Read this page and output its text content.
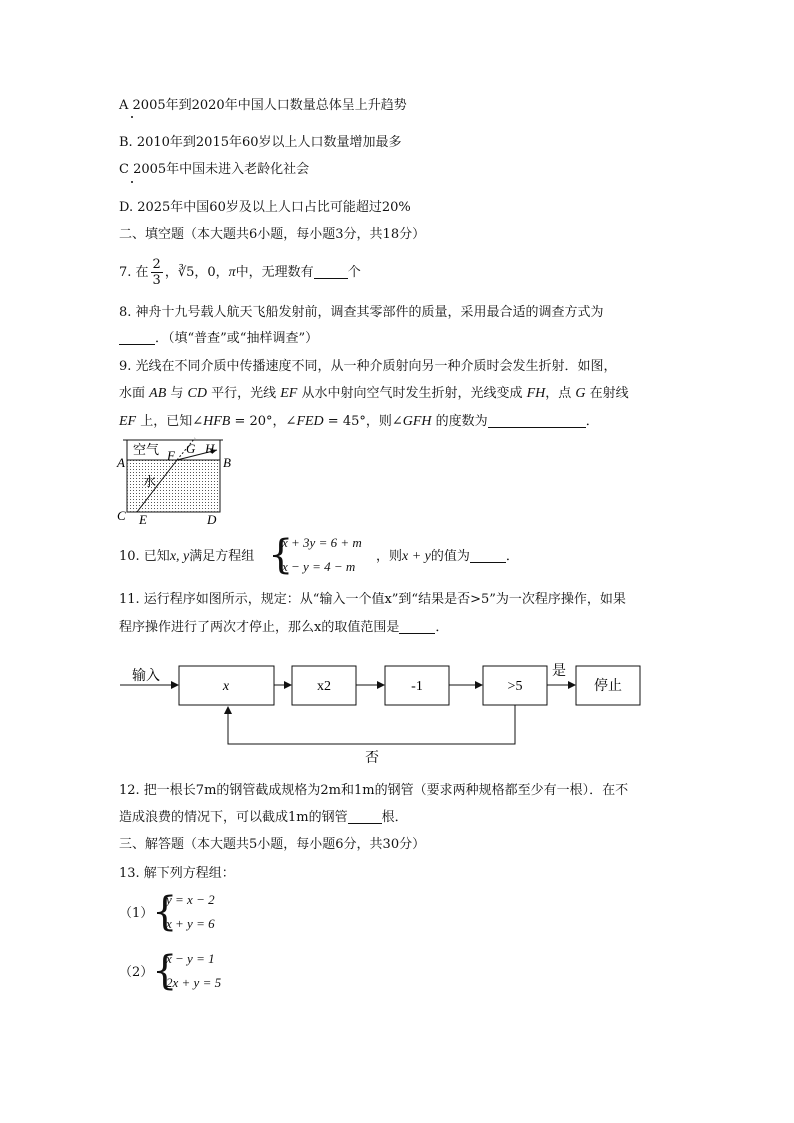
A 2005年到2020年中国人口数量总体呈上升趋势
B. 2010年到2015年60岁以上人口数量增加最多
C 2005年中国未进入老龄化社会
D. 2025年中国60岁及以上人口占比可能超过20%
二、填空题（本大题共6小题，每小题3分，共18分）
7. 在 $\frac{2}{3}$ ，∛5，0，π中，无理数有	个
8. 神舟十九号载人航天飞船发射前，调查其零部件的质量，采用最合适的调查方式为
．（填“普查”或“抽样调查”）
9. 光线在不同介质中传播速度不同，从一种介质射向另一种介质时会发生折射．如图，
水面 AB 与 CD 平行，光线 EF 从水中射向空气时发生折射，光线变成 FH，点 G 在射线
EF 上，已知∠HFB = 20°，∠FED = 45°，则∠GFH 的度数为	．
空气
水
A	B
C	D
E
F G H
10. 已知x, y满足方程组 {
x + 3y = 6 + m
x − y = 4 − m
，则x + y的值为	．
11. 运行程序如图所示，规定：从“输入一个值x”到“结果是否>5”为一次程序操作，如果
程序操作进行了两次才停止，那么x的取值范围是	．
输入
x	x2	-1	>5
是
停止
否
12. 把一根长7m的钢管截成规格为2m和1m的钢管（要求两种规格都至少有一根）．在不
造成浪费的情况下，可以截成1m的钢管	根．
三、解答题（本大题共5小题，每小题6分，共30分）
13. 解下列方程组：
（1）
{
y = x − 2
x + y = 6
（2）
{
x − y = 1
2x + y = 5
